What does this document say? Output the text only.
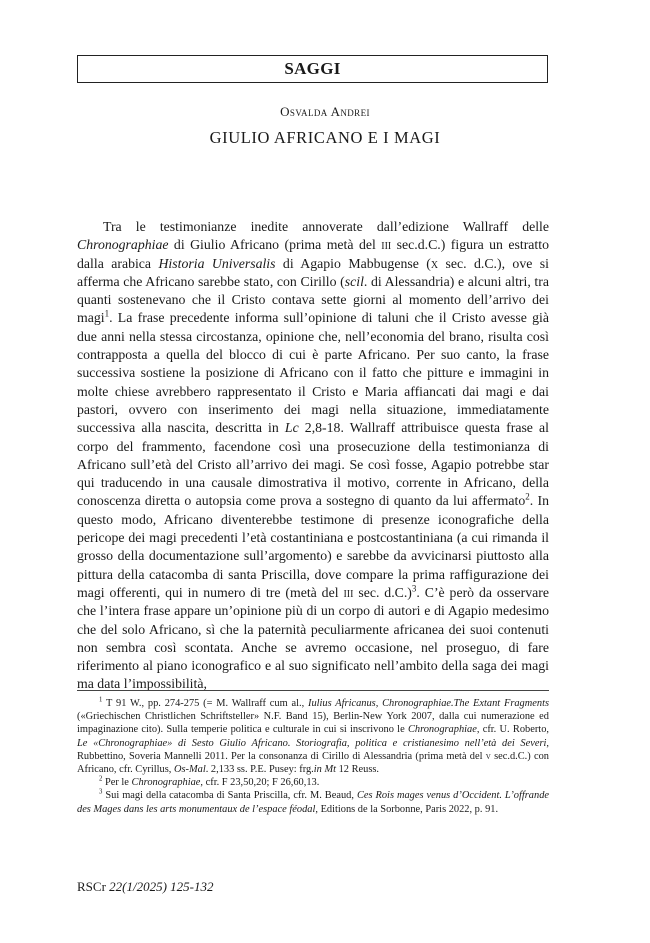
SAGGI
Osvalda Andrei
GIULIO AFRICANO E I MAGI

Tra le testimonianze inedite annoverate dall’edizione Wallraff delle Chronographiae di Giulio Africano (prima metà del iii sec.d.C.) figura un estratto dalla arabica Historia Universalis di Agapio Mabbugense (x sec. d.C.), ove si afferma che Africano sarebbe stato, con Cirillo (scil. di Alessandria) e alcuni altri, tra quanti sostenevano che il Cristo contava sette giorni al momento dell’arrivo dei magi$^1$. La frase precedente informa sull’opinione di taluni che il Cristo avesse già due anni nella stessa circostanza, opinione che, nell’economia del brano, risulta così contrapposta a quella del blocco di cui è parte Africano. Per suo canto, la frase successiva sostiene la posizione di Africano con il fatto che pitture e immagini in molte chiese avrebbero rappresentato il Cristo e Maria affiancati dai magi e dai pastori, ovvero con inserimento dei magi nella situazione, immediatamente successiva alla nascita, descritta in Lc 2,8-18. Wallraff attribuisce questa frase al corpo del frammento, facendone così una prosecuzione della testimonianza di Africano sull’età del Cristo all’arrivo dei magi. Se così fosse, Agapio potrebbe star qui traducendo in una causale dimostrativa il motivo, corrente in Africano, della conoscenza diretta o autopsia come prova a sostegno di quanto da lui affermato$^2$. In questo modo, Africano diventerebbe testimone di presenze iconografiche della pericope dei magi precedenti l’età costantiniana e postcostantiniana (a cui rimanda il grosso della documentazione sull’argomento) e sarebbe da avvicinarsi piuttosto alla pittura della catacomba di santa Priscilla, dove compare la prima raffigurazione dei magi offerenti, qui in numero di tre (metà del iii sec. d.C.)$^3$. C’è però da osservare che l’intera frase appare un’opinione più di un corpo di autori e di Agapio medesimo che del solo Africano, sì che la paternità peculiarmente africanea dei suoi contenuti non sembra così scontata. Anche se avremo occasione, nel proseguo, di fare riferimento al piano iconografico e al suo significato nell’ambito della saga dei magi ma data l’impossibilità,

$^1$ T 91 W., pp. 274-275 (= M. Wallraff cum al., Iulius Africanus, Chronographiae.The Extant Fragments («Griechischen Christlichen Schriftsteller» N.F. Band 15), Berlin-New York 2007, dalla cui numerazione ed impaginazione cito). Sulla temperie politica e culturale in cui si inscrivono le Chronographiae, cfr. U. Roberto, Le «Chronographiae» di Sesto Giulio Africano. Storiografia, politica e cristianesimo nell’età dei Severi, Rubbettino, Soveria Mannelli 2011. Per la consonanza di Cirillo di Alessandria (prima metà del v sec.d.C.) con Africano, cfr. Cyrillus, Os-Mal. 2,133 ss. P.E. Pusey: frg.in Mt 12 Reuss.

$^2$ Per le Chronographiae, cfr. F 23,50,20; F 26,60,13.

$^3$ Sui magi della catacomba di Santa Priscilla, cfr. M. Beaud, Ces Rois mages venus d’Occident. L’offrande des Mages dans les arts monumentaux de l’espace féodal, Editions de la Sorbonne, Paris 2022, p. 91.

RSCr 22(1/2025) 125-132
